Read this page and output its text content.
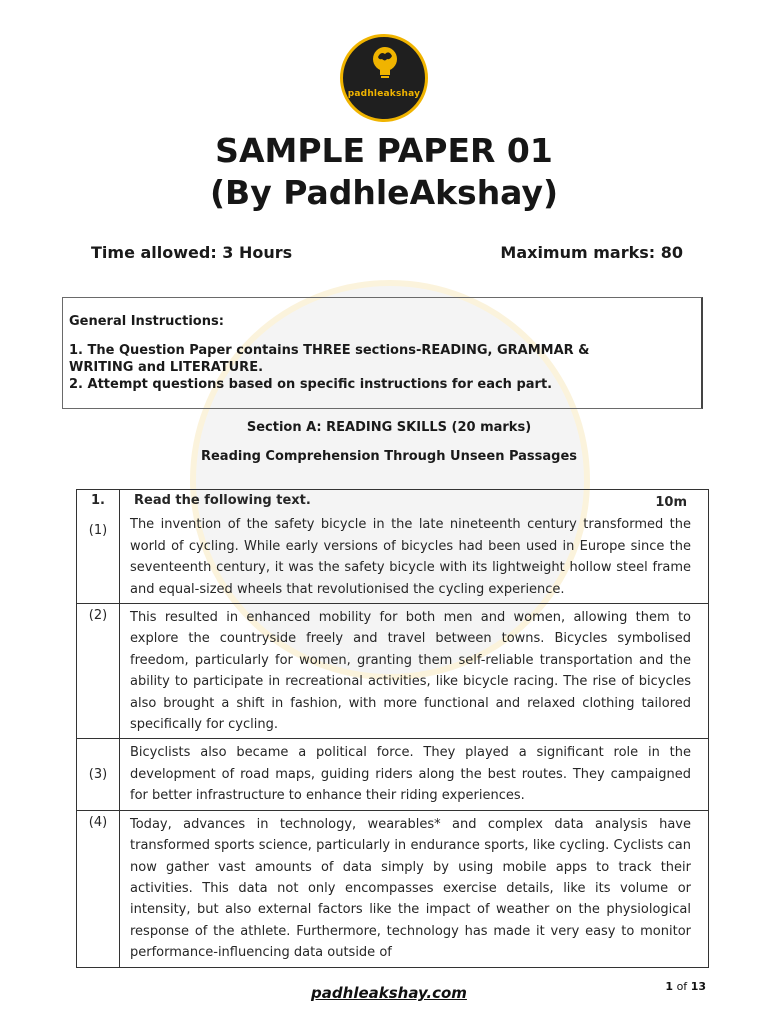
padhleakshay
SAMPLE PAPER 01
(By PadhleAkshay)
Time allowed: 3 Hours	Maximum marks: 80
General Instructions:
1. The Question Paper contains THREE sections-READING, GRAMMAR & WRITING and LITERATURE.
2. Attempt questions based on specific instructions for each part.
Section A: READING SKILLS (20 marks)
Reading Comprehension Through Unseen Passages
1.	Read the following text. 10m

(1)	The invention of the safety bicycle in the late nineteenth century transformed the world of cycling. While early versions of bicycles had been used in Europe since the seventeenth century, it was the safety bicycle with its lightweight hollow steel frame and equal-sized wheels that revolutionised the cycling experience.
(2)	This resulted in enhanced mobility for both men and women, allowing them to explore the countryside freely and travel between towns. Bicycles symbolised freedom, particularly for women, granting them self-reliable transportation and the ability to participate in recreational activities, like bicycle racing. The rise of bicycles also brought a shift in fashion, with more functional and relaxed clothing tailored specifically for cycling.
(3)	Bicyclists also became a political force. They played a significant role in the development of road maps, guiding riders along the best routes. They campaigned for better infrastructure to enhance their riding experiences.
(4)	Today, advances in technology, wearables* and complex data analysis have transformed sports science, particularly in endurance sports, like cycling. Cyclists can now gather vast amounts of data simply by using mobile apps to track their activities. This data not only encompasses exercise details, like its volume or intensity, but also external factors like the impact of weather on the physiological response of the athlete. Furthermore, technology has made it very easy to monitor performance-influencing data outside of
padhleakshay.com	1 of 13
